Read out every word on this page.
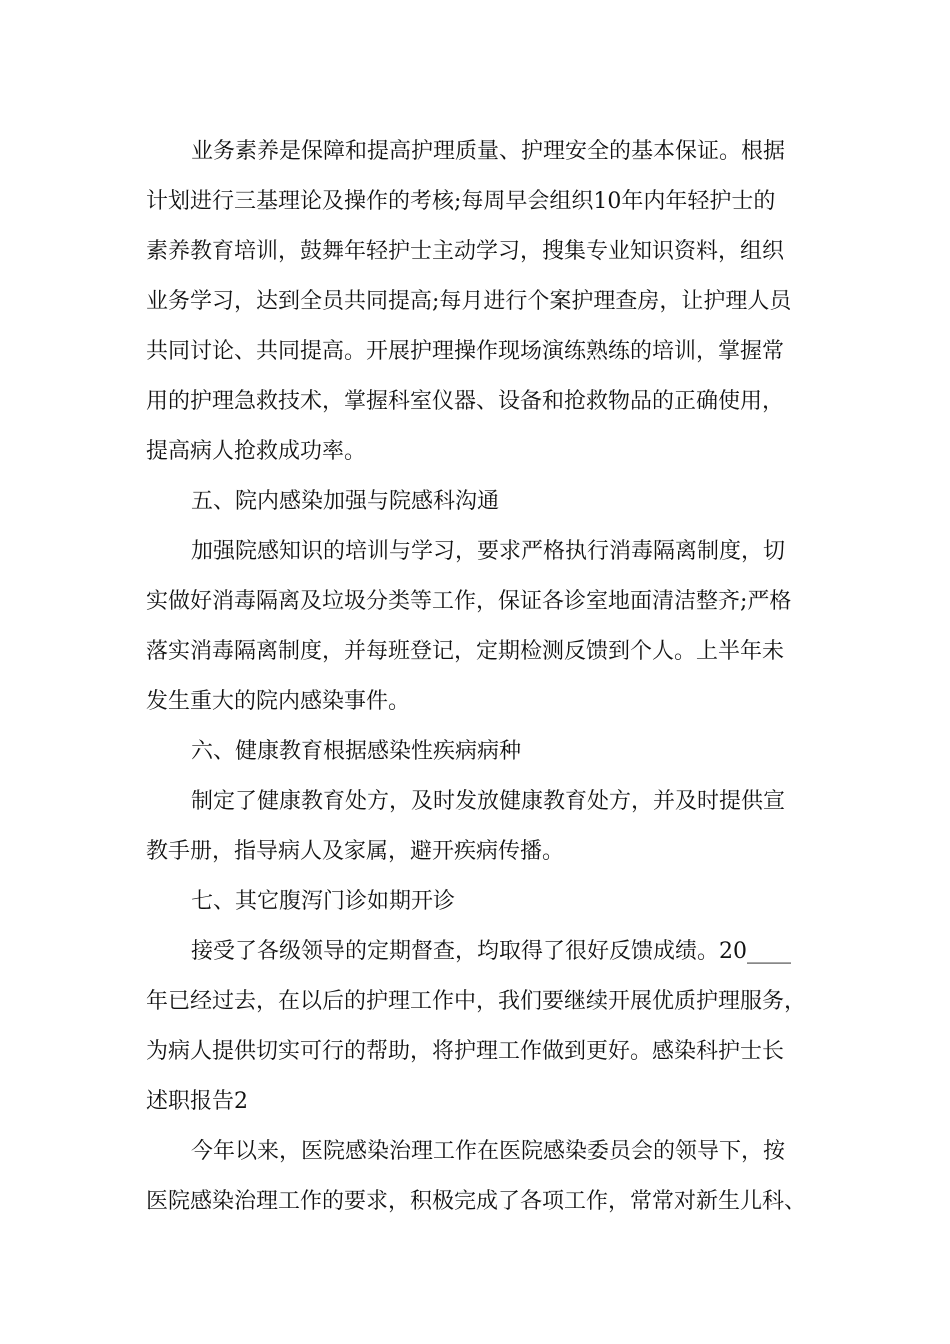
业务素养是保障和提高护理质量、护理安全的基本保证。根据
计划进行三基理论及操作的考核;每周早会组织10年内年轻护士的
素养教育培训，鼓舞年轻护士主动学习，搜集专业知识资料，组织
业务学习，达到全员共同提高;每月进行个案护理查房，让护理人员
共同讨论、共同提高。开展护理操作现场演练熟练的培训，掌握常
用的护理急救技术，掌握科室仪器、设备和抢救物品的正确使用，
提高病人抢救成功率。
五、院内感染加强与院感科沟通
加强院感知识的培训与学习，要求严格执行消毒隔离制度，切
实做好消毒隔离及垃圾分类等工作，保证各诊室地面清洁整齐;严格
落实消毒隔离制度，并每班登记，定期检测反馈到个人。上半年未
发生重大的院内感染事件。
六、健康教育根据感染性疾病病种
制定了健康教育处方，及时发放健康教育处方，并及时提供宣
教手册，指导病人及家属，避开疾病传播。
七、其它腹泻门诊如期开诊
接受了各级领导的定期督查，均取得了很好反馈成绩。20____
年已经过去，在以后的护理工作中，我们要继续开展优质护理服务，
为病人提供切实可行的帮助，将护理工作做到更好。感染科护士长
述职报告2
今年以来，医院感染治理工作在医院感染委员会的领导下，按
医院感染治理工作的要求，积极完成了各项工作，常常对新生儿科、
